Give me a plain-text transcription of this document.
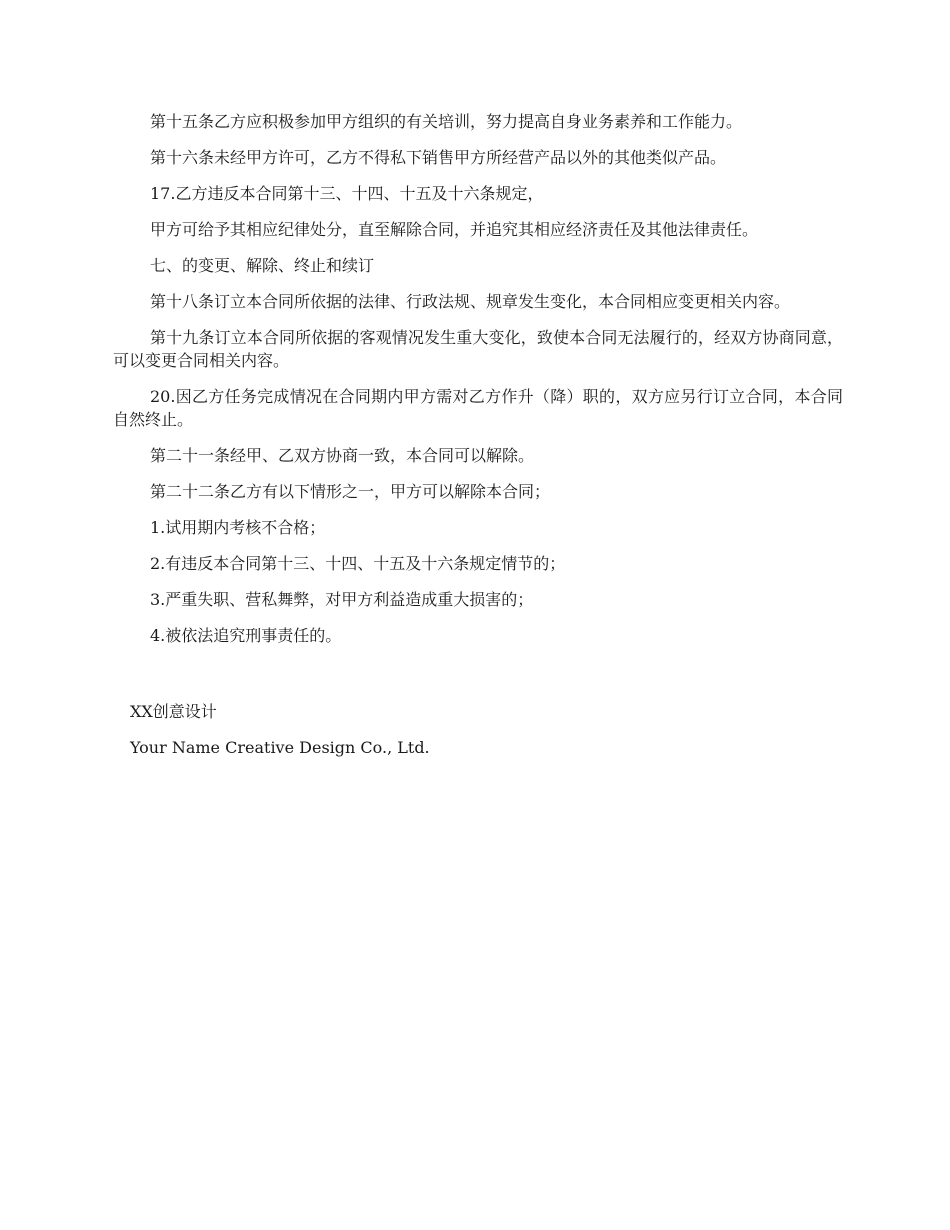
第十五条乙方应积极参加甲方组织的有关培训，努力提高自身业务素养和工作能力。

第十六条未经甲方许可，乙方不得私下销售甲方所经营产品以外的其他类似产品。

17.乙方违反本合同第十三、十四、十五及十六条规定，

甲方可给予其相应纪律处分，直至解除合同，并追究其相应经济责任及其他法律责任。

七、的变更、解除、终止和续订

第十八条订立本合同所依据的法律、行政法规、规章发生变化，本合同相应变更相关内容。

第十九条订立本合同所依据的客观情况发生重大变化，致使本合同无法履行的，经双方协商同意，可以变更合同相关内容。

20.因乙方任务完成情况在合同期内甲方需对乙方作升（降）职的，双方应另行订立合同，本合同自然终止。

第二十一条经甲、乙双方协商一致，本合同可以解除。

第二十二条乙方有以下情形之一，甲方可以解除本合同；

1.试用期内考核不合格；

2.有违反本合同第十三、十四、十五及十六条规定情节的；

3.严重失职、营私舞弊，对甲方利益造成重大损害的；

4.被依法追究刑事责任的。

XX创意设计
Your Name Creative Design Co., Ltd.
